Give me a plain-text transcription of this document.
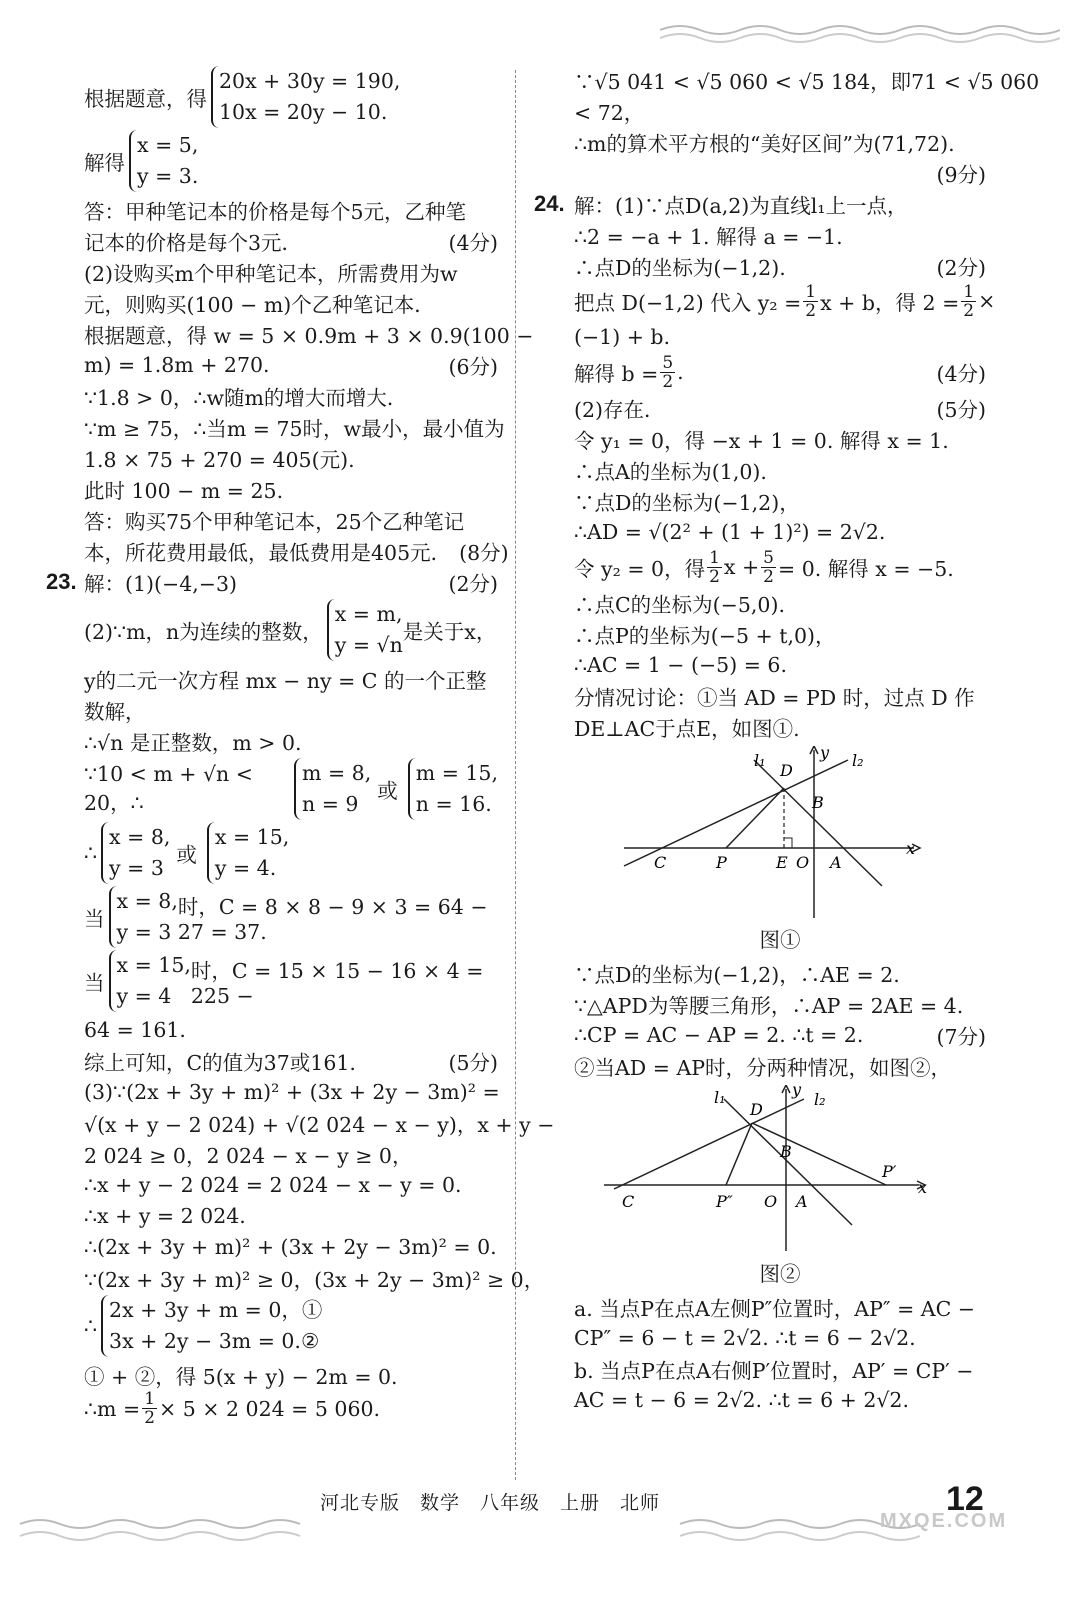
根据题意，得
20x + 30y = 190,
10x = 20y − 10.
解得
x = 5,
y = 3.
答：甲种笔记本的价格是每个5元，乙种笔
记本的价格是每个3元．	(4分)
(2)设购买m个甲种笔记本，所需费用为w
元，则购买(100 − m)个乙种笔记本．
根据题意，得 w = 5 × 0.9m + 3 × 0.9(100 −
m) = 1.8m + 270.	(6分)
∵1.8 > 0，∴w随m的增大而增大．
∵m ≥ 75，∴当m = 75时，w最小，最小值为
1.8 × 75 + 270 = 405(元).
此时 100 − m = 25.
答：购买75个甲种笔记本，25个乙种笔记
本，所花费用最低，最低费用是405元． (8分)
23. 解：(1)(−4,−3)	(2分)
(2)∵m，n为连续的整数，
x = m,
y = √n
是关于x，
y的二元一次方程 mx − ny = C 的一个正整
数解，
∴√n 是正整数，m > 0.
∵10 < m + √n < 20，∴
m = 8,
n = 9
或
m = 15,
n = 16.
∴
x = 8,
y = 3
或
x = 15,
y = 4.
当
x = 8,
y = 3
时，C = 8 × 8 − 9 × 3 = 64 − 27 = 37.
当
x = 15,
y = 4
时，C = 15 × 15 − 16 × 4 = 225 −
64 = 161.
综上可知，C的值为37或161.	(5分)
(3)∵(2x + 3y + m)² + (3x + 2y − 3m)² =
√(x + y − 2 024) + √(2 024 − x − y)，x + y −
2 024 ≥ 0，2 024 − x − y ≥ 0，
∴x + y − 2 024 = 2 024 − x − y = 0.
∴x + y = 2 024.
∴(2x + 3y + m)² + (3x + 2y − 3m)² = 0.
∵(2x + 3y + m)² ≥ 0，(3x + 2y − 3m)² ≥ 0，
∴
2x + 3y + m = 0，①
3x + 2y − 3m = 0.②
① + ②，得 5(x + y) − 2m = 0.
∴m = $\frac{1}{2} \times 5 \times 2$ 024 = 5 060.
∵√5 041 < √5 060 < √5 184，即71 < √5 060
< 72，
∴m的算术平方根的“美好区间”为(71,72).
(9分)
24. 解：(1)∵点D(a,2)为直线l₁上一点，
∴2 = −a + 1. 解得 a = −1.
∴点D的坐标为(−1,2).	(2分)
把点 D(−1,2) 代入 $y_2 = \frac{1}{2}$ x + b，得 $2 = \frac{1}{2}$ ×
(−1) + b.
解得 $b = \frac{5}{2}$ .	(4分)
(2)存在．	(5分)
令 y₁ = 0，得 −x + 1 = 0. 解得 x = 1.
∴点A的坐标为(1,0).
∵点D的坐标为(−1,2)，
∴AD = √(2² + (1 + 1)²) = 2√2.
令 y₂ = 0，得 $\frac{1}{2}$ $x + \frac{5}{2} = 0$. 解得 x = −5.
∴点C的坐标为(−5,0).
∴点P的坐标为(−5 + t,0)，
∴AC = 1 − (−5) = 6.
分情况讨论：①当 AD = PD 时，过点 D 作
DE⊥AC于点E，如图①.
l₁	l₂
D
y
B
C	P	E O A
x
图①
∵点D的坐标为(−1,2)，∴AE = 2.
∵△APD为等腰三角形，∴AP = 2AE = 4.
∴CP = AC − AP = 2. ∴t = 2.	(7分)
②当AD = AP时，分两种情况，如图②，
l₁	l₂
D
y
B
C	P″ O A
P′
x
图②
a. 当点P在点A左侧P″位置时，AP″ = AC −
CP″ = 6 − t = 2√2. ∴t = 6 − 2√2.
b. 当点P在点A右侧P′位置时，AP′ = CP′ −
AC = t − 6 = 2√2. ∴t = 6 + 2√2.
河北专版　数学　八年级　上册　北师	12
MXQE.COM
